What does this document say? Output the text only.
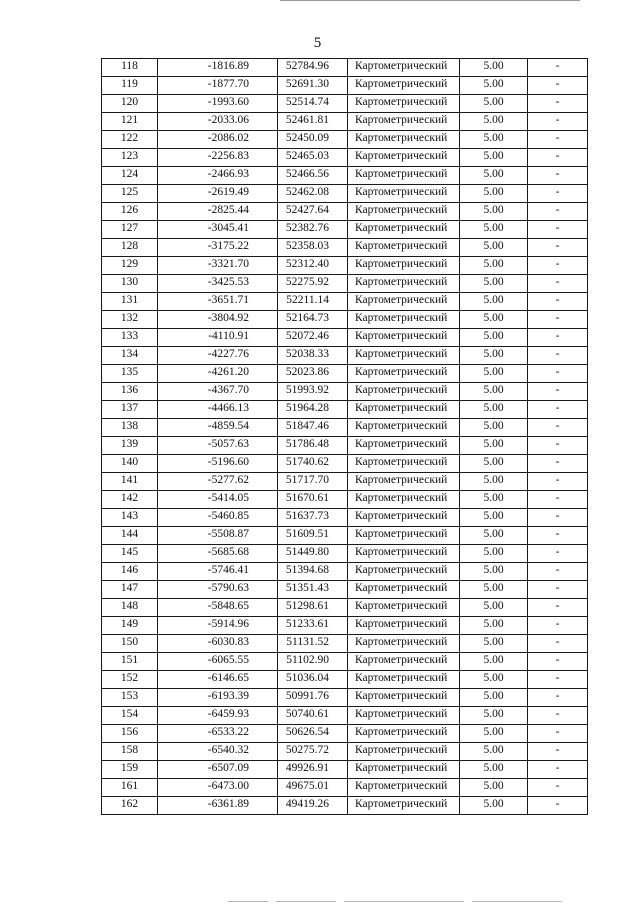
5
118	-1816.89	52784.96	Картометрический	5.00	-
119	-1877.70	52691.30	Картометрический	5.00	-
120	-1993.60	52514.74	Картометрический	5.00	-
121	-2033.06	52461.81	Картометрический	5.00	-
122	-2086.02	52450.09	Картометрический	5.00	-
123	-2256.83	52465.03	Картометрический	5.00	-
124	-2466.93	52466.56	Картометрический	5.00	-
125	-2619.49	52462.08	Картометрический	5.00	-
126	-2825.44	52427.64	Картометрический	5.00	-
127	-3045.41	52382.76	Картометрический	5.00	-
128	-3175.22	52358.03	Картометрический	5.00	-
129	-3321.70	52312.40	Картометрический	5.00	-
130	-3425.53	52275.92	Картометрический	5.00	-
131	-3651.71	52211.14	Картометрический	5.00	-
132	-3804.92	52164.73	Картометрический	5.00	-
133	-4110.91	52072.46	Картометрический	5.00	-
134	-4227.76	52038.33	Картометрический	5.00	-
135	-4261.20	52023.86	Картометрический	5.00	-
136	-4367.70	51993.92	Картометрический	5.00	-
137	-4466.13	51964.28	Картометрический	5.00	-
138	-4859.54	51847.46	Картометрический	5.00	-
139	-5057.63	51786.48	Картометрический	5.00	-
140	-5196.60	51740.62	Картометрический	5.00	-
141	-5277.62	51717.70	Картометрический	5.00	-
142	-5414.05	51670.61	Картометрический	5.00	-
143	-5460.85	51637.73	Картометрический	5.00	-
144	-5508.87	51609.51	Картометрический	5.00	-
145	-5685.68	51449.80	Картометрический	5.00	-
146	-5746.41	51394.68	Картометрический	5.00	-
147	-5790.63	51351.43	Картометрический	5.00	-
148	-5848.65	51298.61	Картометрический	5.00	-
149	-5914.96	51233.61	Картометрический	5.00	-
150	-6030.83	51131.52	Картометрический	5.00	-
151	-6065.55	51102.90	Картометрический	5.00	-
152	-6146.65	51036.04	Картометрический	5.00	-
153	-6193.39	50991.76	Картометрический	5.00	-
154	-6459.93	50740.61	Картометрический	5.00	-
156	-6533.22	50626.54	Картометрический	5.00	-
158	-6540.32	50275.72	Картометрический	5.00	-
159	-6507.09	49926.91	Картометрический	5.00	-
161	-6473.00	49675.01	Картометрический	5.00	-
162	-6361.89	49419.26	Картометрический	5.00	-
